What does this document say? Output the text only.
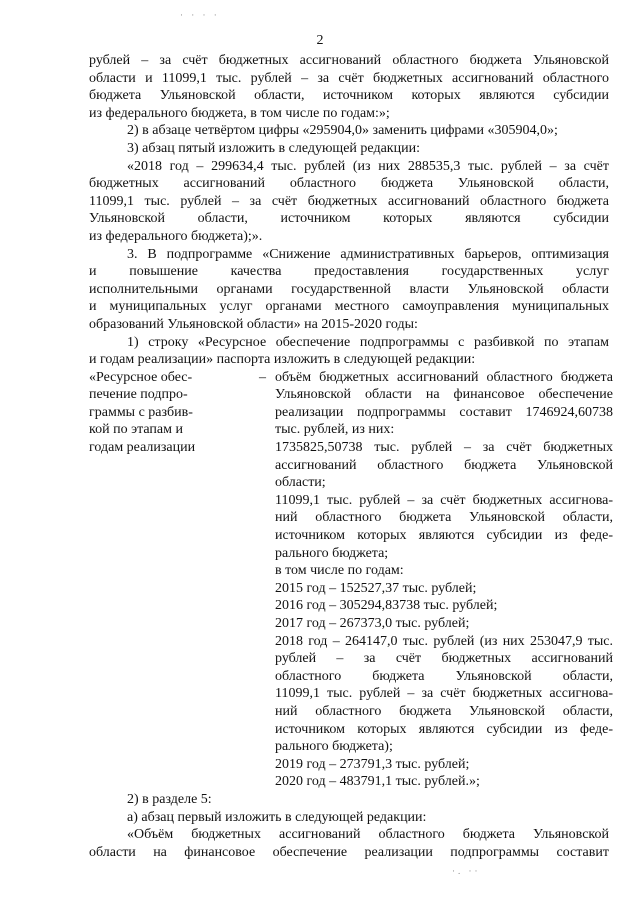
2
рублей – за счёт бюджетных ассигнований областного бюджета Ульяновской
области и 11099,1 тыс. рублей – за счёт бюджетных ассигнований областного
бюджета Ульяновской области, источником которых являются субсидии
из федерального бюджета, в том числе по годам:»;
2) в абзаце четвёртом цифры «295904,0» заменить цифрами «305904,0»;
3) абзац пятый изложить в следующей редакции:
«2018 год – 299634,4 тыс. рублей (из них 288535,3 тыс. рублей – за счёт
бюджетных ассигнований областного бюджета Ульяновской области,
11099,1 тыс. рублей – за счёт бюджетных ассигнований областного бюджета
Ульяновской области, источником которых являются субсидии
из федерального бюджета);».
3. В подпрограмме «Снижение административных барьеров, оптимизация
и повышение качества предоставления государственных услуг
исполнительными органами государственной власти Ульяновской области
и муниципальных услуг органами местного самоуправления муниципальных
образований Ульяновской области» на 2015-2020 годы:
1) строку «Ресурсное обеспечение подпрограммы с разбивкой по этапам
и годам реализации» паспорта изложить в следующей редакции:
«Ресурсное обес-
печение подпро-
граммы с разбив-
кой по этапам и
годам реализации
– объём бюджетных ассигнований областного бюджета
Ульяновской области на финансовое обеспечение
реализации подпрограммы составит 1746924,60738
тыс. рублей, из них:
1735825,50738 тыс. рублей – за счёт бюджетных
ассигнований областного бюджета Ульяновской
области;
11099,1 тыс. рублей – за счёт бюджетных ассигнова-
ний областного бюджета Ульяновской области,
источником которых являются субсидии из феде-
рального бюджета;
в том числе по годам:
2015 год – 152527,37 тыс. рублей;
2016 год – 305294,83738 тыс. рублей;
2017 год – 267373,0 тыс. рублей;
2018 год – 264147,0 тыс. рублей (из них 253047,9 тыс.
рублей – за счёт бюджетных ассигнований
областного бюджета Ульяновской области,
11099,1 тыс. рублей – за счёт бюджетных ассигнова-
ний областного бюджета Ульяновской области,
источником которых являются субсидии из феде-
рального бюджета);
2019 год – 273791,3 тыс. рублей;
2020 год – 483791,1 тыс. рублей.»;
2) в разделе 5:
а) абзац первый изложить в следующей редакции:
«Объём бюджетных ассигнований областного бюджета Ульяновской
области на финансовое обеспечение реализации подпрограммы составит
· · · ·
·. ··
